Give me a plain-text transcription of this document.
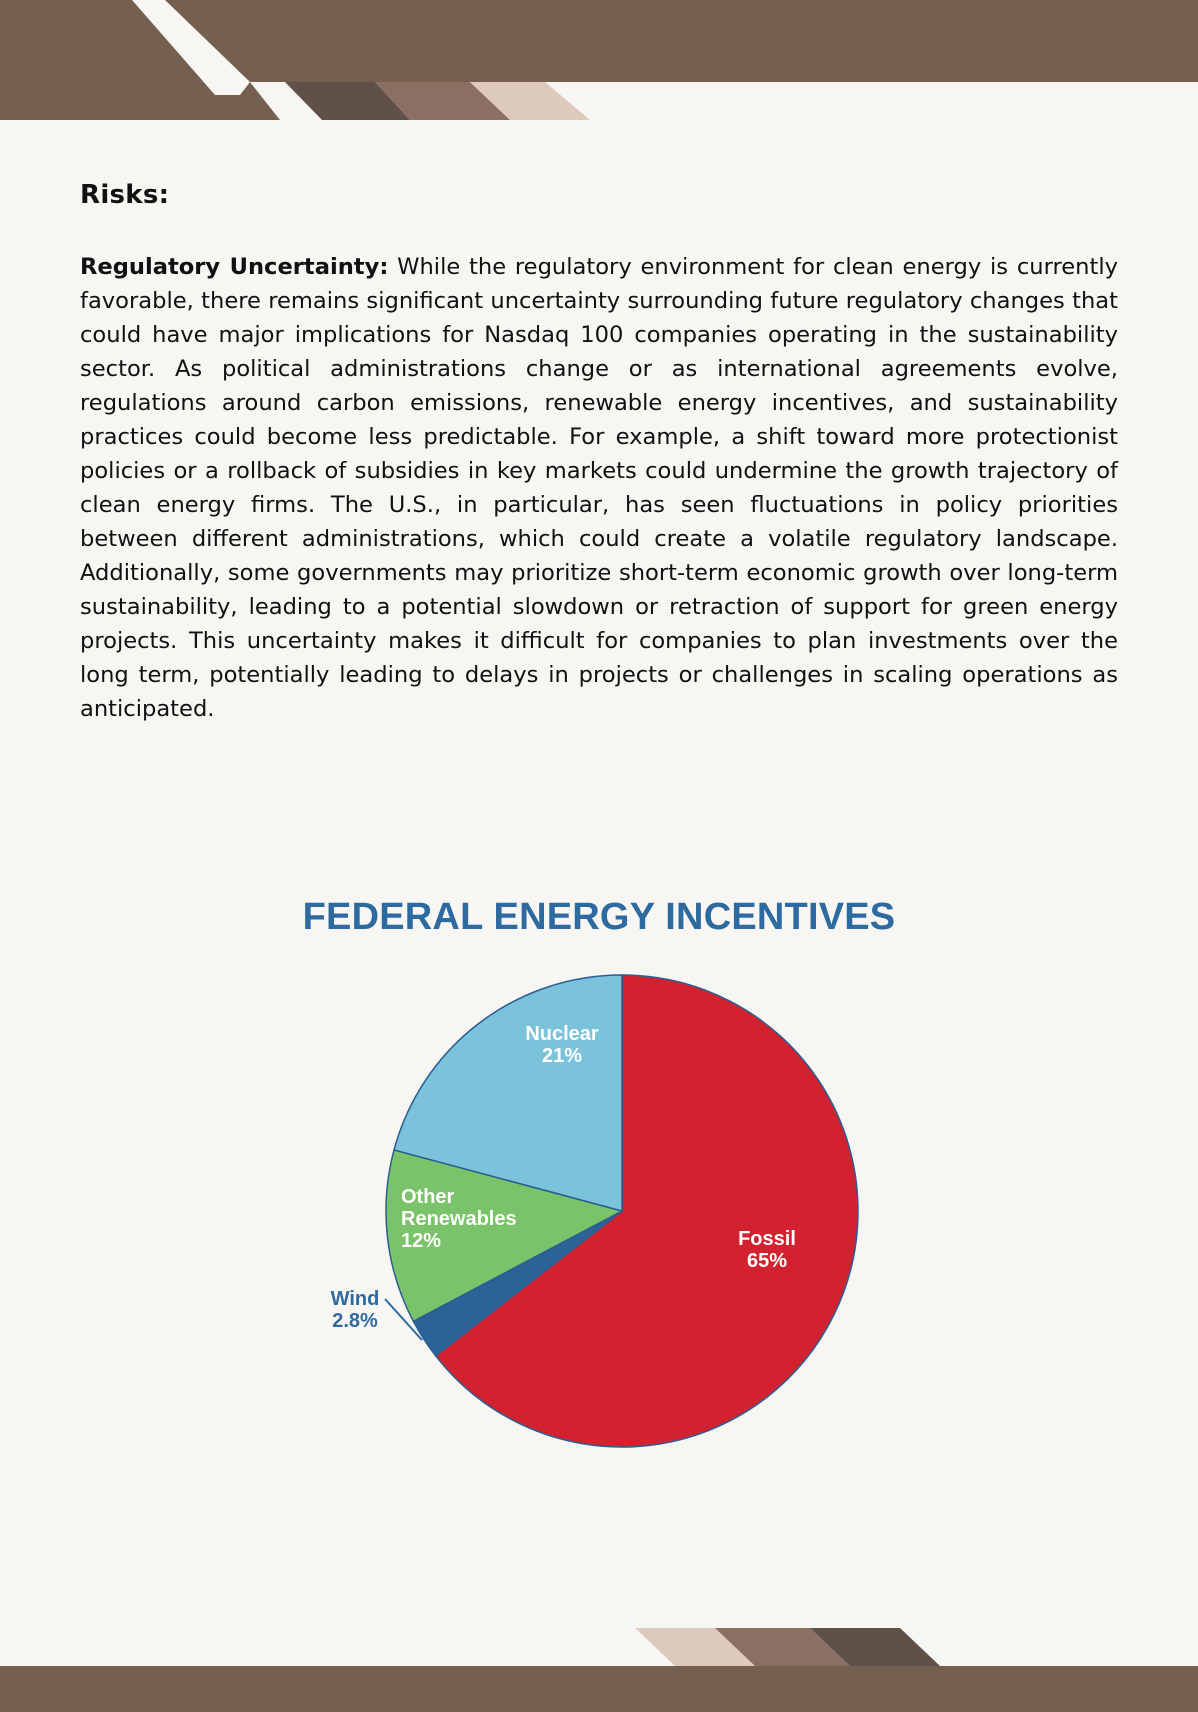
Risks:

Regulatory Uncertainty: While the regulatory environment for clean energy is currently favorable, there remains significant uncertainty surrounding future regulatory changes that could have major implications for Nasdaq 100 companies operating in the sustainability sector. As political administrations change or as international agreements evolve, regulations around carbon emissions, renewable energy incentives, and sustainability practices could become less predictable. For example, a shift toward more protectionist policies or a rollback of subsidies in key markets could undermine the growth trajectory of clean energy firms. The U.S., in particular, has seen fluctuations in policy priorities between different administrations, which could create a volatile regulatory landscape. Additionally, some governments may prioritize short-term economic growth over long-term sustainability, leading to a potential slowdown or retraction of support for green energy projects. This uncertainty makes it difficult for companies to plan investments over the long term, potentially leading to delays in projects or challenges in scaling operations as anticipated.

FEDERAL ENERGY INCENTIVES
Fossil
65%
Wind
2.8%
Other
Renewables
12%
Nuclear
21%
